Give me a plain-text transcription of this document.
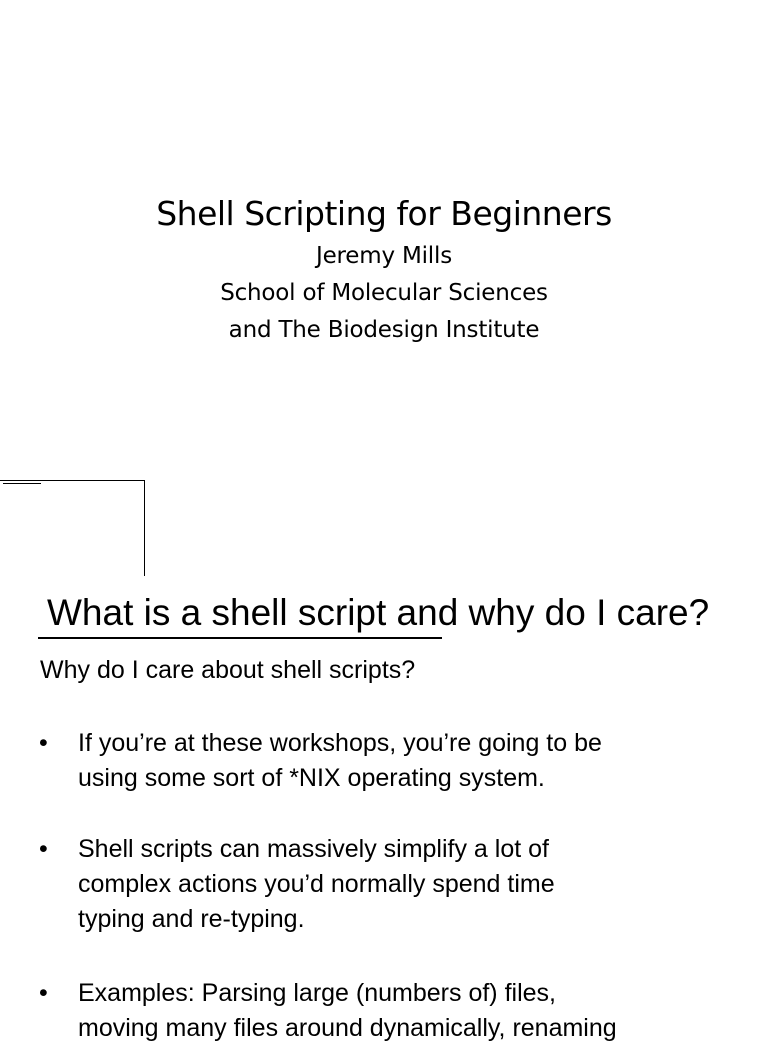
Shell Scripting for Beginners
Jeremy Mills
School of Molecular Sciences
and The Biodesign Institute
What is a shell script and why do I care?
Why do I care about shell scripts?
• If you’re at these workshops, you’re going to be
using some sort of *NIX operating system.
• Shell scripts can massively simplify a lot of
complex actions you’d normally spend time
typing and re-typing.
• Examples: Parsing large (numbers of) files,
moving many files around dynamically, renaming
